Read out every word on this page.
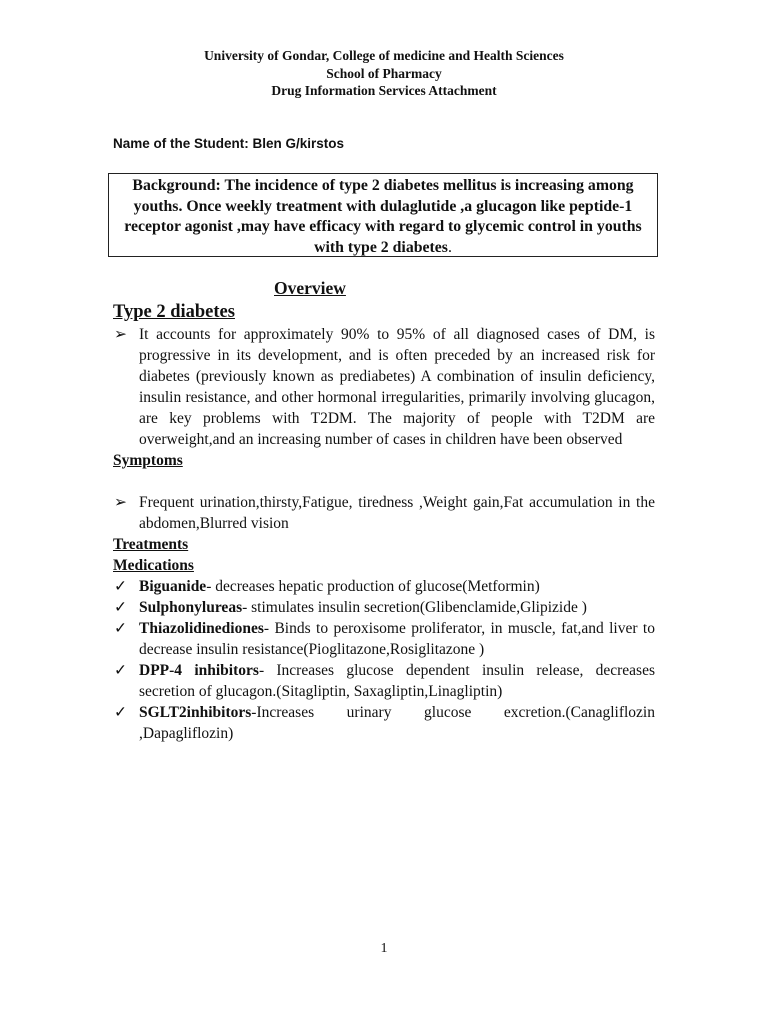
University of Gondar, College of medicine and Health Sciences
School of Pharmacy
Drug Information Services Attachment
Name of the Student: Blen G/kirstos
Background: The incidence of type 2 diabetes mellitus is increasing among youths. Once weekly treatment with dulaglutide ,a glucagon like peptide-1 receptor agonist ,may have efficacy with regard to glycemic control in youths with type 2 diabetes.
Overview
Type 2 diabetes
➢ It accounts for approximately 90% to 95% of all diagnosed cases of DM, is progressive in its development, and is often preceded by an increased risk for diabetes (previously known as prediabetes) A combination of insulin deficiency, insulin resistance, and other hormonal irregularities, primarily involving glucagon, are key problems with T2DM. The majority of people with T2DM are overweight,and an increasing number of cases in children have been observed
Symptoms
➢ Frequent urination,thirsty,Fatigue, tiredness ,Weight gain,Fat accumulation in the abdomen,Blurred vision
Treatments
Medications
✓ Biguanide- decreases hepatic production of glucose(Metformin)
✓ Sulphonylureas- stimulates insulin secretion(Glibenclamide,Glipizide )
✓ Thiazolidinediones- Binds to peroxisome proliferator, in muscle, fat,and liver to decrease insulin resistance(Pioglitazone,Rosiglitazone )
✓ DPP-4 inhibitors- Increases glucose dependent insulin release, decreases secretion of glucagon.(Sitagliptin, Saxagliptin,Linagliptin)
✓ SGLT2inhibitors-Increases urinary glucose excretion.(Canagliflozin ,Dapagliflozin)
1
